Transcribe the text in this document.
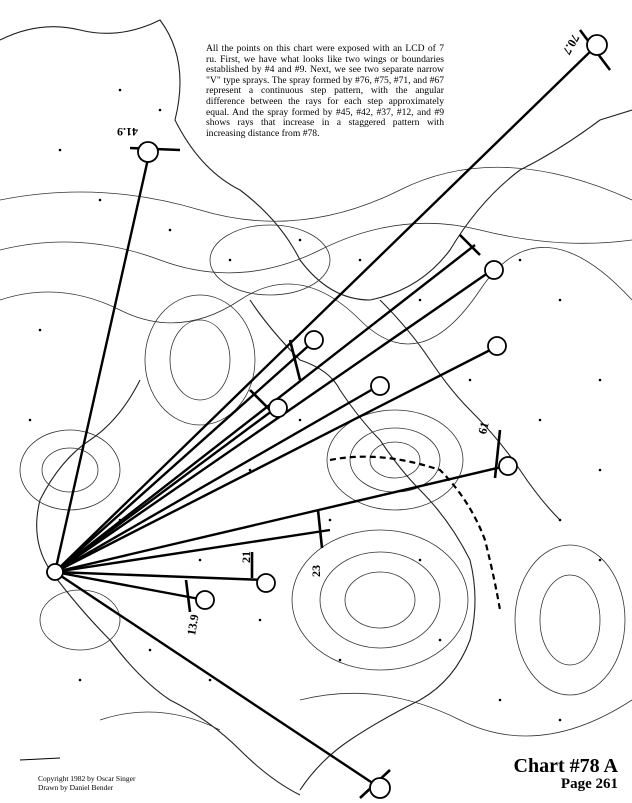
41.9
70.7
13.9
61
23
21

All the points on this chart were exposed with an LCD of 7 ru. First, we have what looks like two wings or boundaries established by #4 and #9. Next, we see two separate narrow "V" type sprays. The spray formed by #76, #75, #71, and #67 represent a continuous step pattern, with the angular difference between the rays for each step approximately equal. And the spray formed by #45, #42, #37, #12, and #9 shows rays that increase in a staggered pattern with increasing distance from #78.

Copyright 1982 by Oscar Singer
Drawn by Daniel Bender
Chart #78 A
Page 261
